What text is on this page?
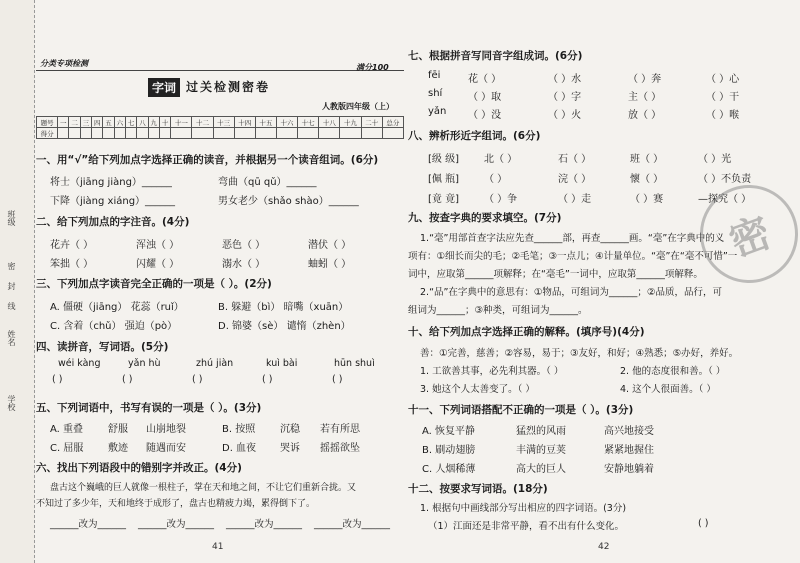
班级
密
封
线
姓名
学校
分类专项检测
字词 过关检测密卷
满分100
人教版四年级（上）
题号	一	二	三	四	五	六	七	八	九	十	十一	十二	十三	十四	十五	十六	十七	十八	十九	二十	总分
得分																					
一、用“√”给下列加点字选择正确的读音，并根据另一个读音组词。(6分)
将士（jiāng jiàng）______	弯曲（qū qǔ）______
下降（jiàng xiáng）______	男女老少（shǎo shào）______
二、给下列加点的字注音。(4分)
花卉（ ）	浑浊（ ）	恶色（ ）	潜伏（ ）
笨拙（ ）	闪耀（ ）	溺水（ ）	蚰蚓（ ）
三、下列加点字读音完全正确的一项是（ ）。(2分)
A. 僵硬（jiāng） 花蕊（ruǐ）	B. 躲避（bì） 暗嘴（xuān）
C. 含着（chǔ） 强迫（pò）	D. 锦婆（sè） 谴惰（zhèn）
四、读拼音，写词语。(5分)
wéi kàng	yǎn hù	zhú jiàn	kuì bài	hūn shuì
( )	( )	( )	( )	( )
五、下列词语中，书写有误的一项是（ ）。(3分)
A. 重叠 舒服 山崩地裂	B. 按照 沉稳 若有所思
C. 屈服 敷迹 随遇而安	D. 血夜 哭诉 摇摇欲坠
六、找出下列语段中的错别字并改正。(4分)
盘古这个巍峨的巨人就像一根柱子，掌在天和地之间，不让它们重新合拢。又
不知过了多少年，天和地终于成形了，盘古也精疲力竭，累得倒下了。
______改为______ ______改为______ ______改为______ ______改为______
41
七、根据拼音写同音字组成词。(6分)
fēi	花（ ）	（ ）水	（ ）奔	（ ）心
shí	（ ）取	（ ）字	主（ ）	（ ）干
yǎn （ ）没	（ ）火	放（ ）	（ ）喉
八、辨析形近字组词。(6分)
[级 级]	北（ ）	石（ ）	班（ ）	（ ）光
[佩 瓶]	（ ）	浣（ ）	懷（ ）	（ ）不负责
[竟 竟]	（ ）争	（ ）走	（ ）赛	—探究（ ）
九、按查字典的要求填空。(7分)
1.“毫”用部首查字法应先查______部，再查______画。“毫”在字典中的义
项有：①细长而尖的毛；②毛笔；③一点儿；④计量单位。“毫”在“毫不可惜”一
词中，应取第______项解释；在“毫毛”一词中，应取第______项解释。
2.“品”在字典中的意思有：①物品，可组词为______；②品质，品行，可
组词为______；③种类，可组词为______。
十、给下列加点字选择正确的解释。(填序号)(4分)
善：①完善，慈善；②容易，易于；③友好，和好；④熟悉；⑤办好，养好。
1. 工欲善其事，必先利其器。（ ）	2. 他的态度很和善。（ ）
3. 她这个人太善变了。（ ）	4. 这个人很面善。（ ）
十一、下列词语搭配不正确的一项是（ ）。(3分)
A. 恢复平静	猛烈的风雨	高兴地接受
B. 刷动翅膀	丰满的豆荚	紧紧地握住
C. 人烟稀薄	高大的巨人	安静地躺着
十二、按要求写词语。(18分)
1. 根据句中画线部分写出相应的四字词语。(3分)
（1）江面还是非常平静，看不出有什么变化。	( )
42
密
